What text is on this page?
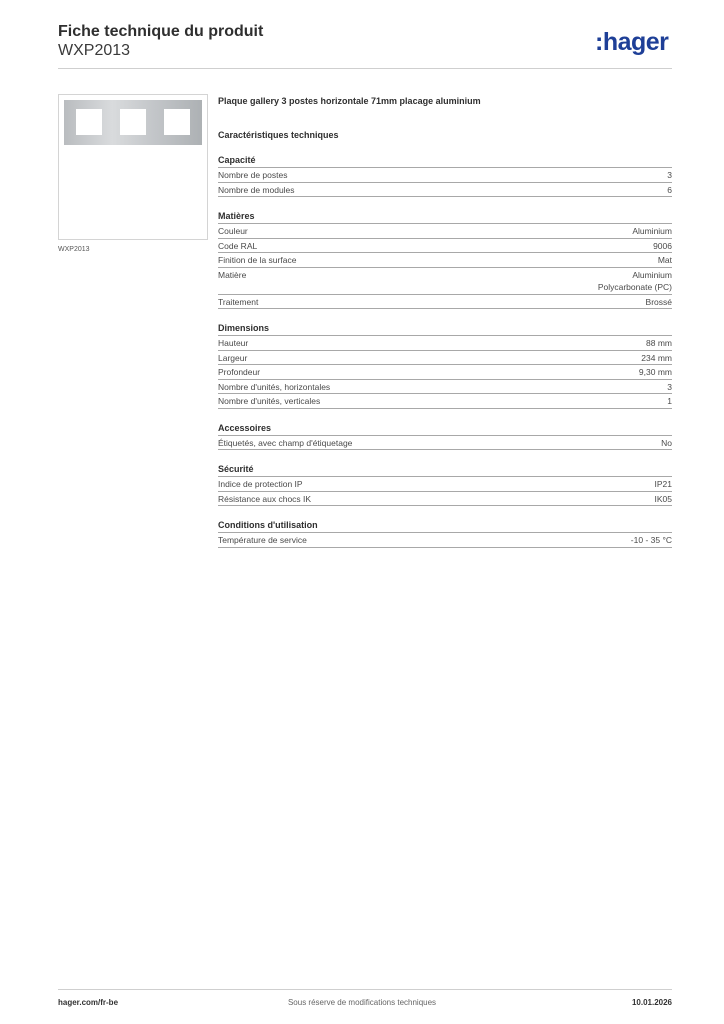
Fiche technique du produit
WXP2013	:hager
WXP2013
Plaque gallery 3 postes horizontale 71mm placage aluminium
Caractéristiques techniques
Capacité
Nombre de postes	3
Nombre de modules	6
Matières
Couleur	Aluminium
Code RAL	9006
Finition de la surface	Mat
Matière	Aluminium
Polycarbonate (PC)
Traitement	Brossé
Dimensions
Hauteur	88 mm
Largeur	234 mm
Profondeur	9,30 mm
Nombre d'unités, horizontales	3
Nombre d'unités, verticales	1
Accessoires
Étiquetés, avec champ d'étiquetage	No
Sécurité
Indice de protection IP	IP21
Résistance aux chocs IK	IK05
Conditions d'utilisation
Température de service	-10 - 35 °C
hager.com/fr-be	Sous réserve de modifications techniques	10.01.2026
